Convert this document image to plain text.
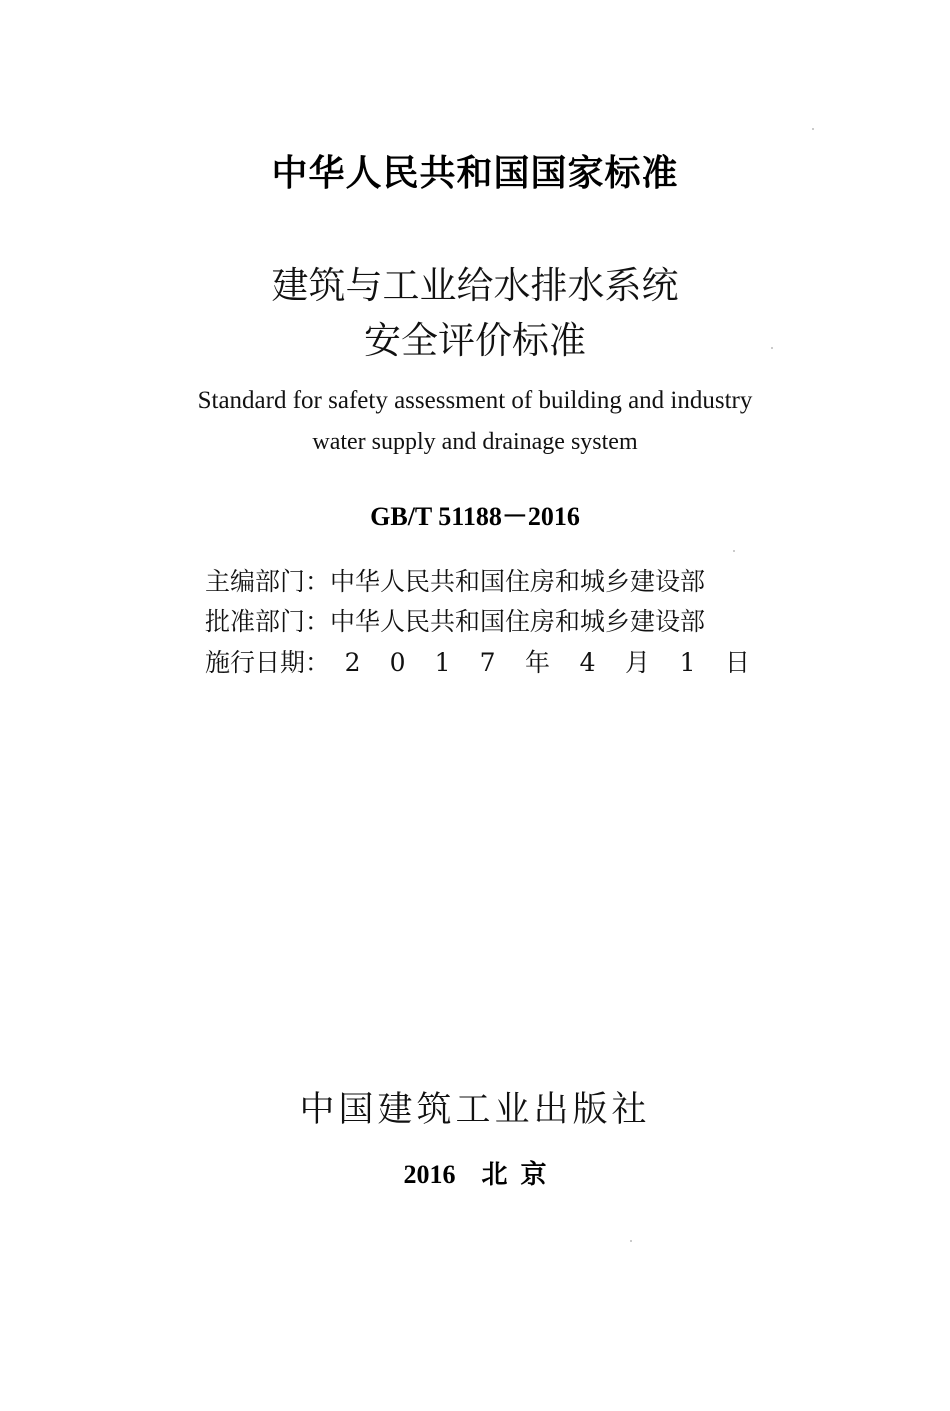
中华人民共和国国家标准
建筑与工业给水排水系统
安全评价标准
Standard for safety assessment of building and industry
water supply and drainage system
GB/T 51188－2016
主编部门：中华人民共和国住房和城乡建设部
批准部门：中华人民共和国住房和城乡建设部
施行日期： 2 0 1 7 年 4 月 1 日
中国建筑工业出版社
2016 北  京
